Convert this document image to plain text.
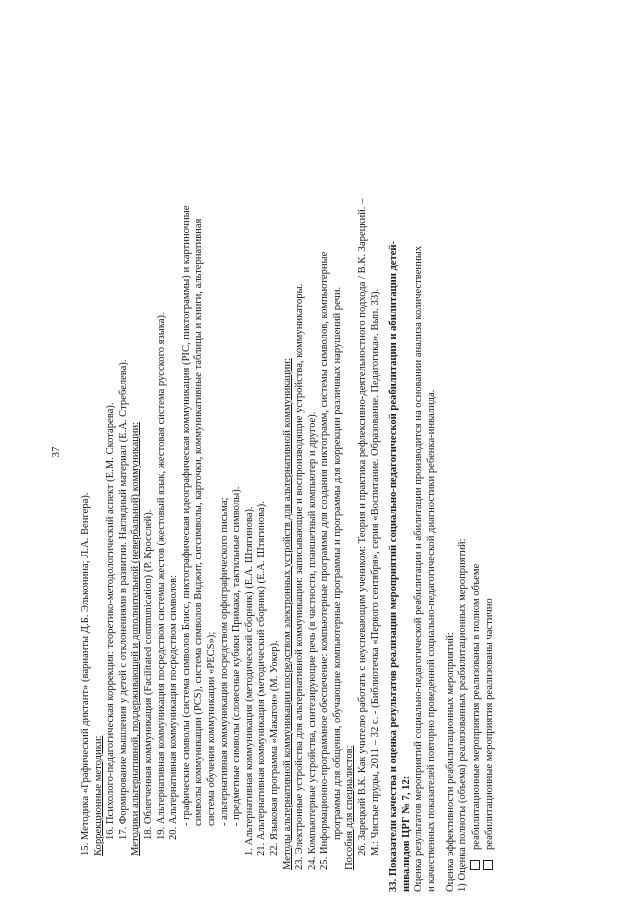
37
15. Методика «Графический диктант» (варианты Д.Б. Эльконина; Л.А. Венгера). Коррекционные методики: 16. Психолого-педагогическая коррекция: теоретико-методологический аспект (Е.М. Скотарева). 17. Формирование мышления у детей с отклонениями в развитии. Наглядный материал (Е.А. Стребелева). Методики альтернативной, поддерживающей и дополнительной (невербальной) коммуникации: 18. Облегченная коммуникация (Facilitated communication) (Р. Кросслей). 19. Альтернативная коммуникация посредством системы жестов (жестовый язык, жестовая система русского языка). 20. Альтернативная коммуникация посредством символов: - графические символы (система символов Блисс, пиктографическая идеографическая коммуникация (PIC, пиктограммы) и картиночные символы коммуникации (PCS), система символов Виджит, сигсимволы, карточки, коммуникативные таблицы и книги, альтернативная система обучения коммуникации «PECS»); - альтернативная коммуникация посредством орфографического письма; - предметные символы (словесные кубики Примака, тактильные символы). 1. Альтернативная коммуникация (методический сборник) (Е.А. Штягинова). 21. Альтернативная коммуникация (методический сборник) (Е.А. Штягинова). 22. Языковая программа «Макатон» (М. Уокер). Методы альтернативной коммуникации посредством электронных устройств для альтернативной коммуникации: 23. Электронные устройства для альтернативной коммуникации: записывающие и воспроизводящие устройства, коммуникаторы. 24. Компьютерные устройства, синтезирующие речь (в частности, планшетный компьютер и другое). 25. Информационно-программное обеспечение: компьютерные программы для создания пиктограмм, системы символов, компьютерные программы для общения, обучающие компьютерные программы и программы для коррекции различных нарушений речи. Пособия для специалистов: 26. Зарецкий В.К. Как учителю работать с неуспевающим учеником: Теория и практика рефлексивно-деятельностного подхода / В.К. Зарецкий. – М.: Чистые пруды, 2011 – 32 с. - (Библиотечка «Первого сентября», серия «Воспитание. Образование. Педагогика». Вып. 33). 33. Показатели качества и оценка результатов реализации мероприятий социально-педагогической реабилитации и абилитации детей- инвалидов ЦРГ № 7, 12: Оценка результатов мероприятий социально-педагогической реабилитации и абилитации производится на основании анализа количественных и качественных показателей повторно проведенной социально-педагогической диагностики ребенка-инвалида. Оценка эффективности реабилитационных мероприятий: 1) Оценка полноты (объема) реализованных реабилитационных мероприятий: реабилитационные мероприятия реализованы в полном объеме реабилитационные мероприятия реализованы частично
